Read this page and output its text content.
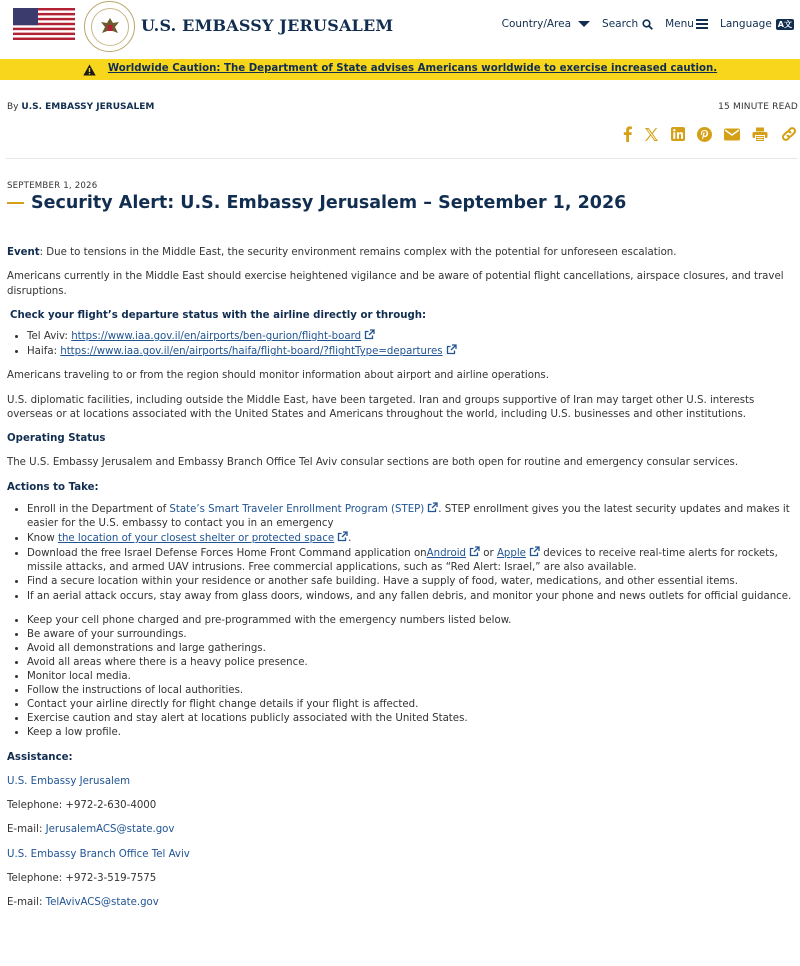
U.S. EMBASSY JERUSALEM	Country/Area	Search	Menu Language A文
Worldwide Caution: The Department of State advises Americans worldwide to exercise increased caution.
By U.S. EMBASSY JERUSALEM	15 MINUTE READ
SEPTEMBER 1, 2026
Security Alert: U.S. Embassy Jerusalem – September 1, 2026

Event: Due to tensions in the Middle East, the security environment remains complex with the potential for unforeseen escalation.

Americans currently in the Middle East should exercise heightened vigilance and be aware of potential flight cancellations, airspace closures, and travel disruptions.

Check your flight’s departure status with the airline directly or through:

• Tel Aviv: https://www.iaa.gov.il/en/airports/ben-gurion/flight-board
• Haifa: https://www.iaa.gov.il/en/airports/haifa/flight-board/?flightType=departures

Americans traveling to or from the region should monitor information about airport and airline operations.

U.S. diplomatic facilities, including outside the Middle East, have been targeted. Iran and groups supportive of Iran may target other U.S. interests overseas or at locations associated with the United States and Americans throughout the world, including U.S. businesses and other institutions.

Operating Status

The U.S. Embassy Jerusalem and Embassy Branch Office Tel Aviv consular sections are both open for routine and emergency consular services.

Actions to Take:

• Enroll in the Department of State’s Smart Traveler Enrollment Program (STEP) . STEP enrollment gives you the latest security updates and makes it easier for the U.S. embassy to contact you in an emergency
• Know the location of your closest shelter or protected space .
• Download the free Israel Defense Forces Home Front Command application onAndroid or Apple devices to receive real-time alerts for rockets, missile attacks, and armed UAV intrusions. Free commercial applications, such as “Red Alert: Israel,” are also available.
• Find a secure location within your residence or another safe building. Have a supply of food, water, medications, and other essential items.
• If an aerial attack occurs, stay away from glass doors, windows, and any fallen debris, and monitor your phone and news outlets for official guidance.
• Keep your cell phone charged and pre-programmed with the emergency numbers listed below.
• Be aware of your surroundings.
• Avoid all demonstrations and large gatherings.
• Avoid all areas where there is a heavy police presence.
• Monitor local media.
• Follow the instructions of local authorities.
• Contact your airline directly for flight change details if your flight is affected.
• Exercise caution and stay alert at locations publicly associated with the United States.
• Keep a low profile.

Assistance:

U.S. Embassy Jerusalem

Telephone: +972-2-630-4000

E-mail: JerusalemACS@state.gov

U.S. Embassy Branch Office Tel Aviv

Telephone: +972-3-519-7575

E-mail: TelAvivACS@state.gov
